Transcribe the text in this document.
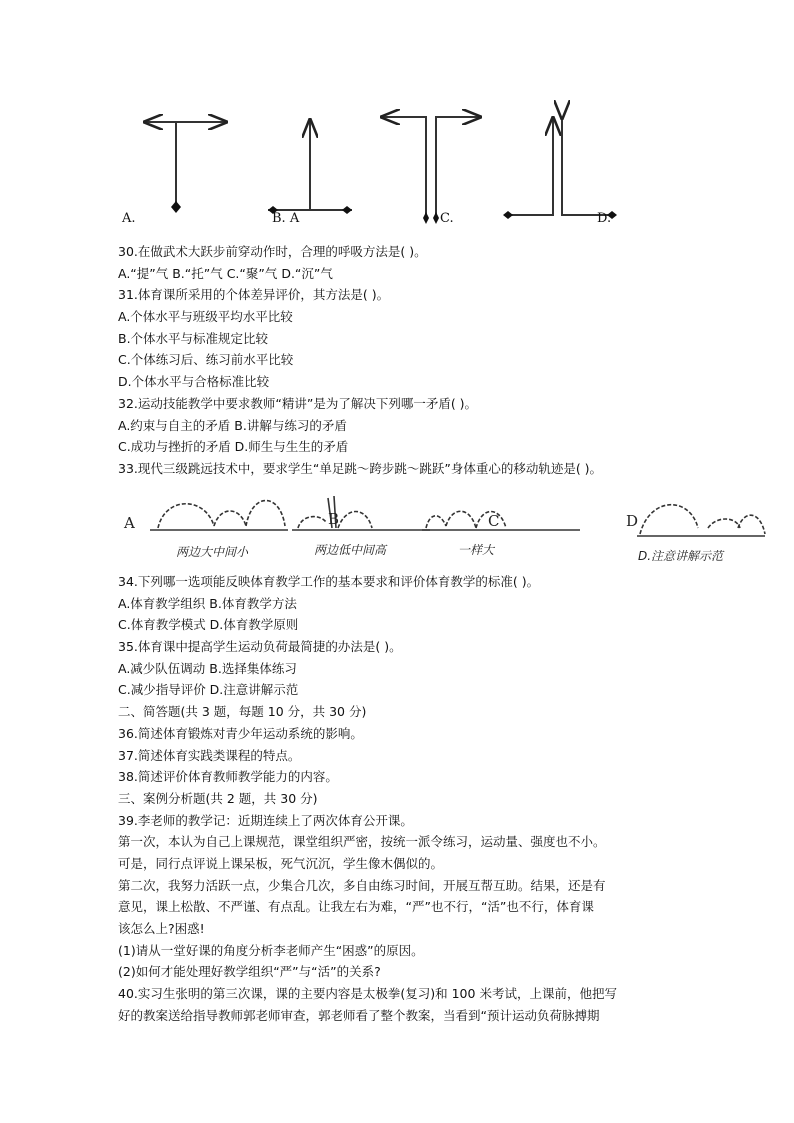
A.	B. A	C.	D.
30.在做武术大跃步前穿动作时，合理的呼吸方法是( )。
A.“提”气 B.“托”气 C.“聚”气 D.“沉”气
31.体育课所采用的个体差异评价，其方法是( )。
A.个体水平与班级平均水平比较
B.个体水平与标准规定比较
C.个体练习后、练习前水平比较
D.个体水平与合格标准比较
32.运动技能教学中要求教师“精讲”是为了解决下列哪一矛盾( )。
A.约束与自主的矛盾 B.讲解与练习的矛盾
C.成功与挫折的矛盾 D.师生与生生的矛盾
33.现代三级跳远技术中，要求学生“单足跳～跨步跳～跳跃”身体重心的移动轨迹是( )。
A	B	C	D
两边大中间小	两边低中间高	一样大	D.注意讲解示范
34.下列哪一选项能反映体育教学工作的基本要求和评价体育教学的标准( )。
A.体育教学组织 B.体育教学方法
C.体育教学模式 D.体育教学原则
35.体育课中提高学生运动负荷最简捷的办法是( )。
A.减少队伍调动 B.选择集体练习
C.减少指导评价 D.注意讲解示范
二、简答题(共 3 题，每题 10 分，共 30 分)
36.简述体育锻炼对青少年运动系统的影响。
37.简述体育实践类课程的特点。
38.简述评价体育教师教学能力的内容。
三、案例分析题(共 2 题，共 30 分)
39.李老师的教学记：近期连续上了两次体育公开课。
第一次，本认为自己上课规范，课堂组织严密，按统一派令练习，运动量、强度也不小。
可是，同行点评说上课呆板，死气沉沉，学生像木偶似的。
第二次，我努力活跃一点，少集合几次，多自由练习时间，开展互帮互助。结果，还是有
意见，课上松散、不严谨、有点乱。让我左右为难，“严”也不行，“活”也不行，体育课
该怎么上?困惑!
(1)请从一堂好课的角度分析李老师产生“困惑”的原因。
(2)如何才能处理好教学组织“严”与“活”的关系?
40.实习生张明的第三次课，课的主要内容是太极拳(复习)和 100 米考试，上课前，他把写
好的教案送给指导教师郭老师审查，郭老师看了整个教案，当看到“预计运动负荷脉搏期
